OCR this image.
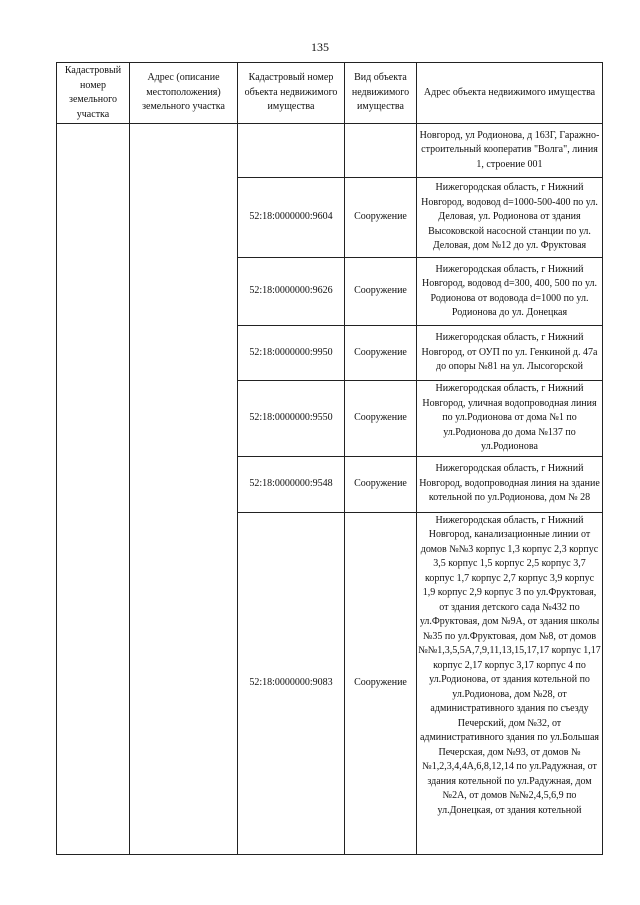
135
Кадастровый номер земельного участка	Адрес (описание местоположения) земельного участка	Кадастровый номер объекта недвижимого имущества	Вид объекта недвижимого имущества	Адрес объекта недвижимого имущества
				Новгород, ул Родионова, д 163Г, Гаражно-строительный кооператив "Волга", линия 1, строение 001
		52:18:0000000:9604	Сооружение	Нижегородская область, г Нижний Новгород, водовод d=1000-500-400 по ул. Деловая, ул. Родионова от здания Высоковской насосной станции по ул. Деловая, дом №12 до ул. Фруктовая
		52:18:0000000:9626	Сооружение	Нижегородская область, г Нижний Новгород, водовод d=300, 400, 500 по ул. Родионова от водовода d=1000 по ул. Родионова до ул. Донецкая
		52:18:0000000:9950	Сооружение	Нижегородская область, г Нижний Новгород, от ОУП по ул. Генкиной д. 47а до опоры №81 на ул. Лысогорской
		52:18:0000000:9550	Сооружение	Нижегородская область, г Нижний Новгород, уличная водопроводная линия по ул.Родионова от дома №1 по ул.Родионова до дома №137 по ул.Родионова
		52:18:0000000:9548	Сооружение	Нижегородская область, г Нижний Новгород, водопроводная линия на здание котельной по ул.Родионова, дом № 28
		52:18:0000000:9083	Сооружение	Нижегородская область, г Нижний Новгород, канализационные линии от домов №№3 корпус 1,3 корпус 2,3 корпус 3,5 корпус 1,5 корпус 2,5 корпус 3,7 корпус 1,7 корпус 2,7 корпус 3,9 корпус 1,9 корпус 2,9 корпус 3 по ул.Фруктовая, от здания детского сада №432 по ул.Фруктовая, дом №9А, от здания школы №35 по ул.Фруктовая, дом №8, от домов №№1,3,5,5А,7,9,11,13,15,17,17 корпус 1,17 корпус 2,17 корпус 3,17 корпус 4 по ул.Родионова, от здания котельной по ул.Родионова, дом №28, от административного здания по съезду Печерский, дом №32, от административного здания по ул.Большая Печерская, дом №93, от домов №№1,2,3,4,4А,6,8,12,14 по ул.Радужная, от здания котельной по ул.Радужная, дом №2А, от домов №№2,4,5,6,9 по ул.Донецкая, от здания котельной
